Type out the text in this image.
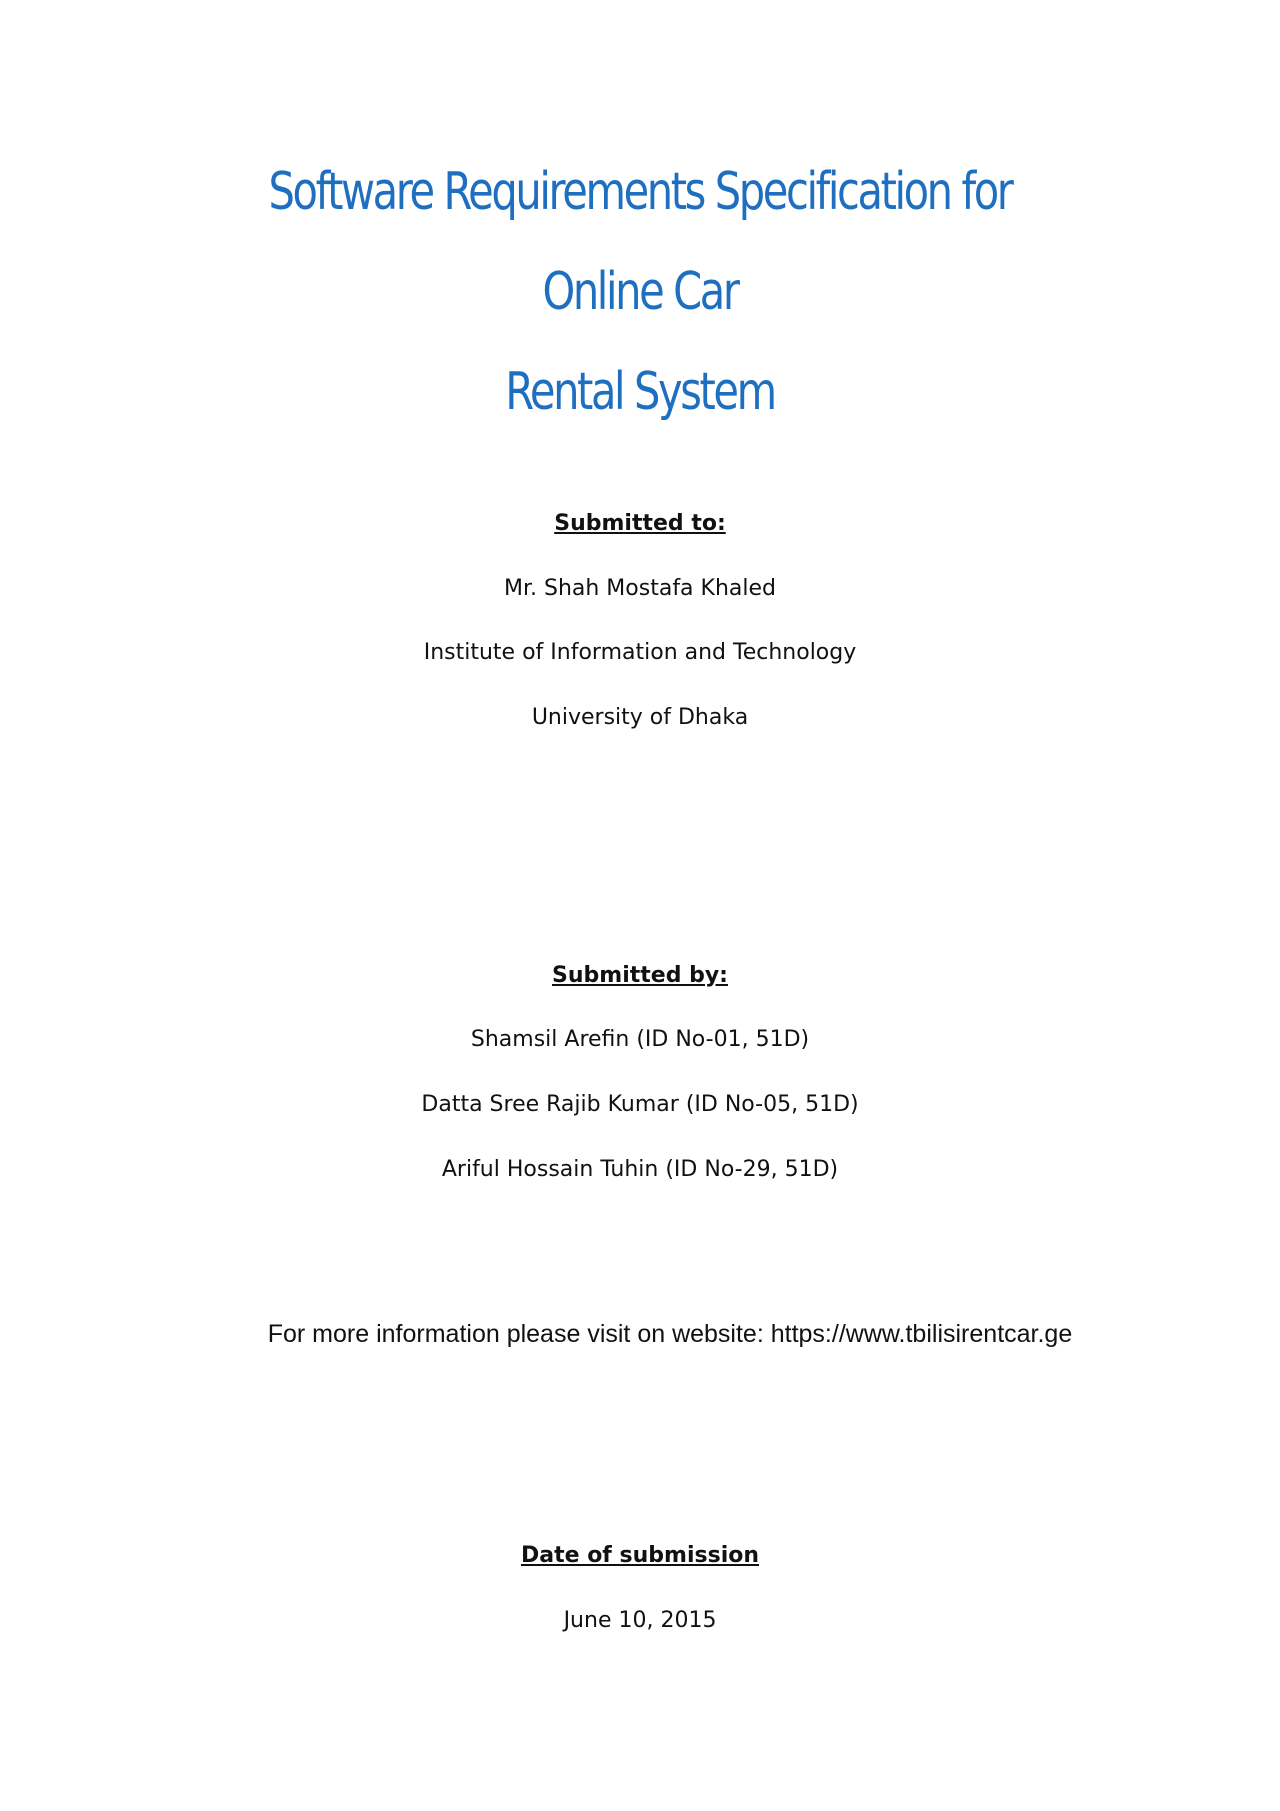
Software Requirements Specification for Online Car
Rental System
Submitted to:
Mr. Shah Mostafa Khaled
Institute of Information and Technology
University of Dhaka
Submitted by:
Shamsil Arefin (ID No-01, 51D)
Datta Sree Rajib Kumar (ID No-05, 51D)
Ariful Hossain Tuhin (ID No-29, 51D)
For more information please visit on website: https://www.tbilisirentcar.ge
Date of submission
June 10, 2015
